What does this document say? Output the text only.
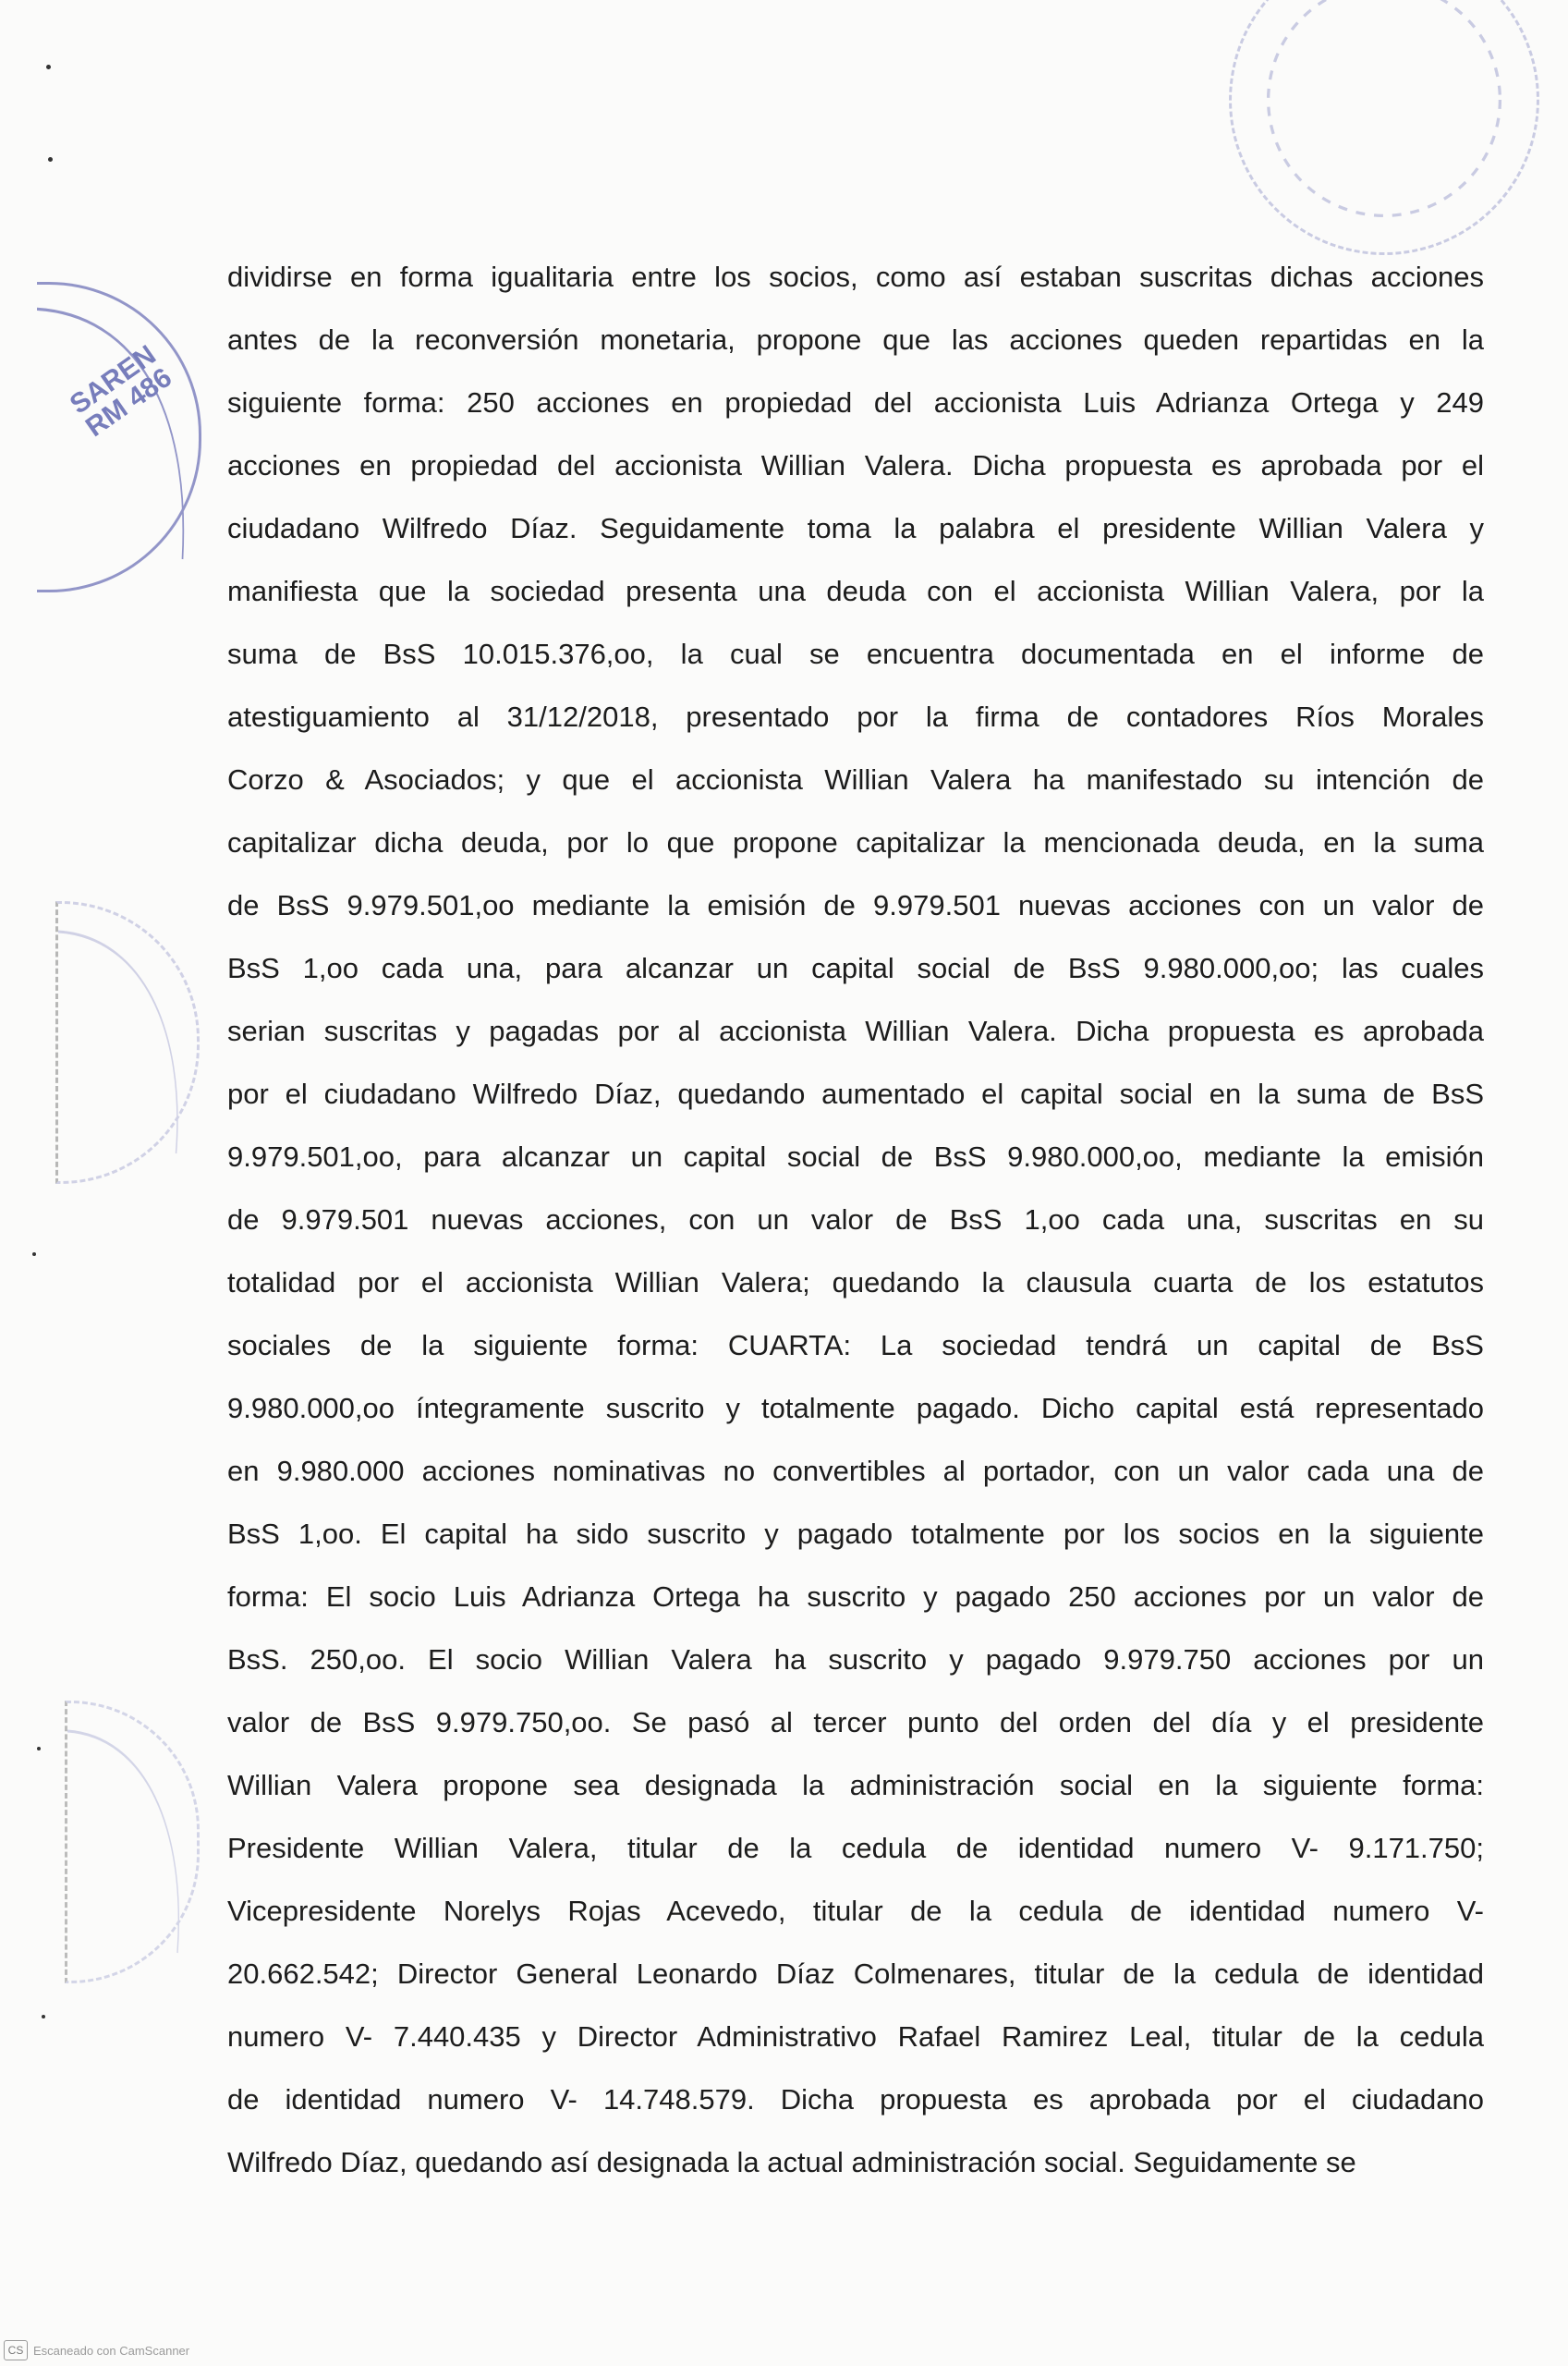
SAREN
RM 486
dividirse en forma igualitaria entre los socios, como así estaban suscritas dichas acciones
antes de la reconversión monetaria, propone que las acciones queden repartidas en la
siguiente forma: 250 acciones en propiedad del accionista Luis Adrianza Ortega y 249
acciones en propiedad del accionista Willian Valera. Dicha propuesta es aprobada por el
ciudadano Wilfredo Díaz. Seguidamente toma la palabra el presidente Willian Valera y
manifiesta que la sociedad presenta una deuda con el accionista Willian Valera, por la
suma de BsS 10.015.376,oo, la cual se encuentra documentada en el informe de
atestiguamiento al 31/12/2018, presentado por la firma de contadores Ríos Morales
Corzo & Asociados; y que el accionista Willian Valera ha manifestado su intención de
capitalizar dicha deuda, por lo que propone capitalizar la mencionada deuda, en la suma
de BsS 9.979.501,oo mediante la emisión de 9.979.501 nuevas acciones con un valor de
BsS 1,oo cada una, para alcanzar un capital social de BsS 9.980.000,oo; las cuales
serian suscritas y pagadas por al accionista Willian Valera. Dicha propuesta es aprobada
por el ciudadano Wilfredo Díaz, quedando aumentado el capital social en la suma de BsS
9.979.501,oo, para alcanzar un capital social de BsS 9.980.000,oo, mediante la emisión
de 9.979.501 nuevas acciones, con un valor de BsS 1,oo cada una, suscritas en su
totalidad por el accionista Willian Valera; quedando la clausula cuarta de los estatutos
sociales de la siguiente forma: CUARTA: La sociedad tendrá un capital de BsS
9.980.000,oo íntegramente suscrito y totalmente pagado. Dicho capital está representado
en 9.980.000 acciones nominativas no convertibles al portador, con un valor cada una de
BsS 1,oo. El capital ha sido suscrito y pagado totalmente por los socios en la siguiente
forma: El socio Luis Adrianza Ortega ha suscrito y pagado 250 acciones por un valor de
BsS. 250,oo. El socio Willian Valera ha suscrito y pagado 9.979.750 acciones por un
valor de BsS 9.979.750,oo. Se pasó al tercer punto del orden del día y el presidente
Willian Valera propone sea designada la administración social en la siguiente forma:
Presidente Willian Valera, titular de la cedula de identidad numero V- 9.171.750;
Vicepresidente Norelys Rojas Acevedo, titular de la cedula de identidad numero V-
20.662.542; Director General Leonardo Díaz Colmenares, titular de la cedula de identidad
numero V- 7.440.435 y Director Administrativo Rafael Ramirez Leal, titular de la cedula
de identidad numero V- 14.748.579. Dicha propuesta es aprobada por el ciudadano
Wilfredo Díaz, quedando así designada la actual administración social. Seguidamente se
CS Escaneado con CamScanner
